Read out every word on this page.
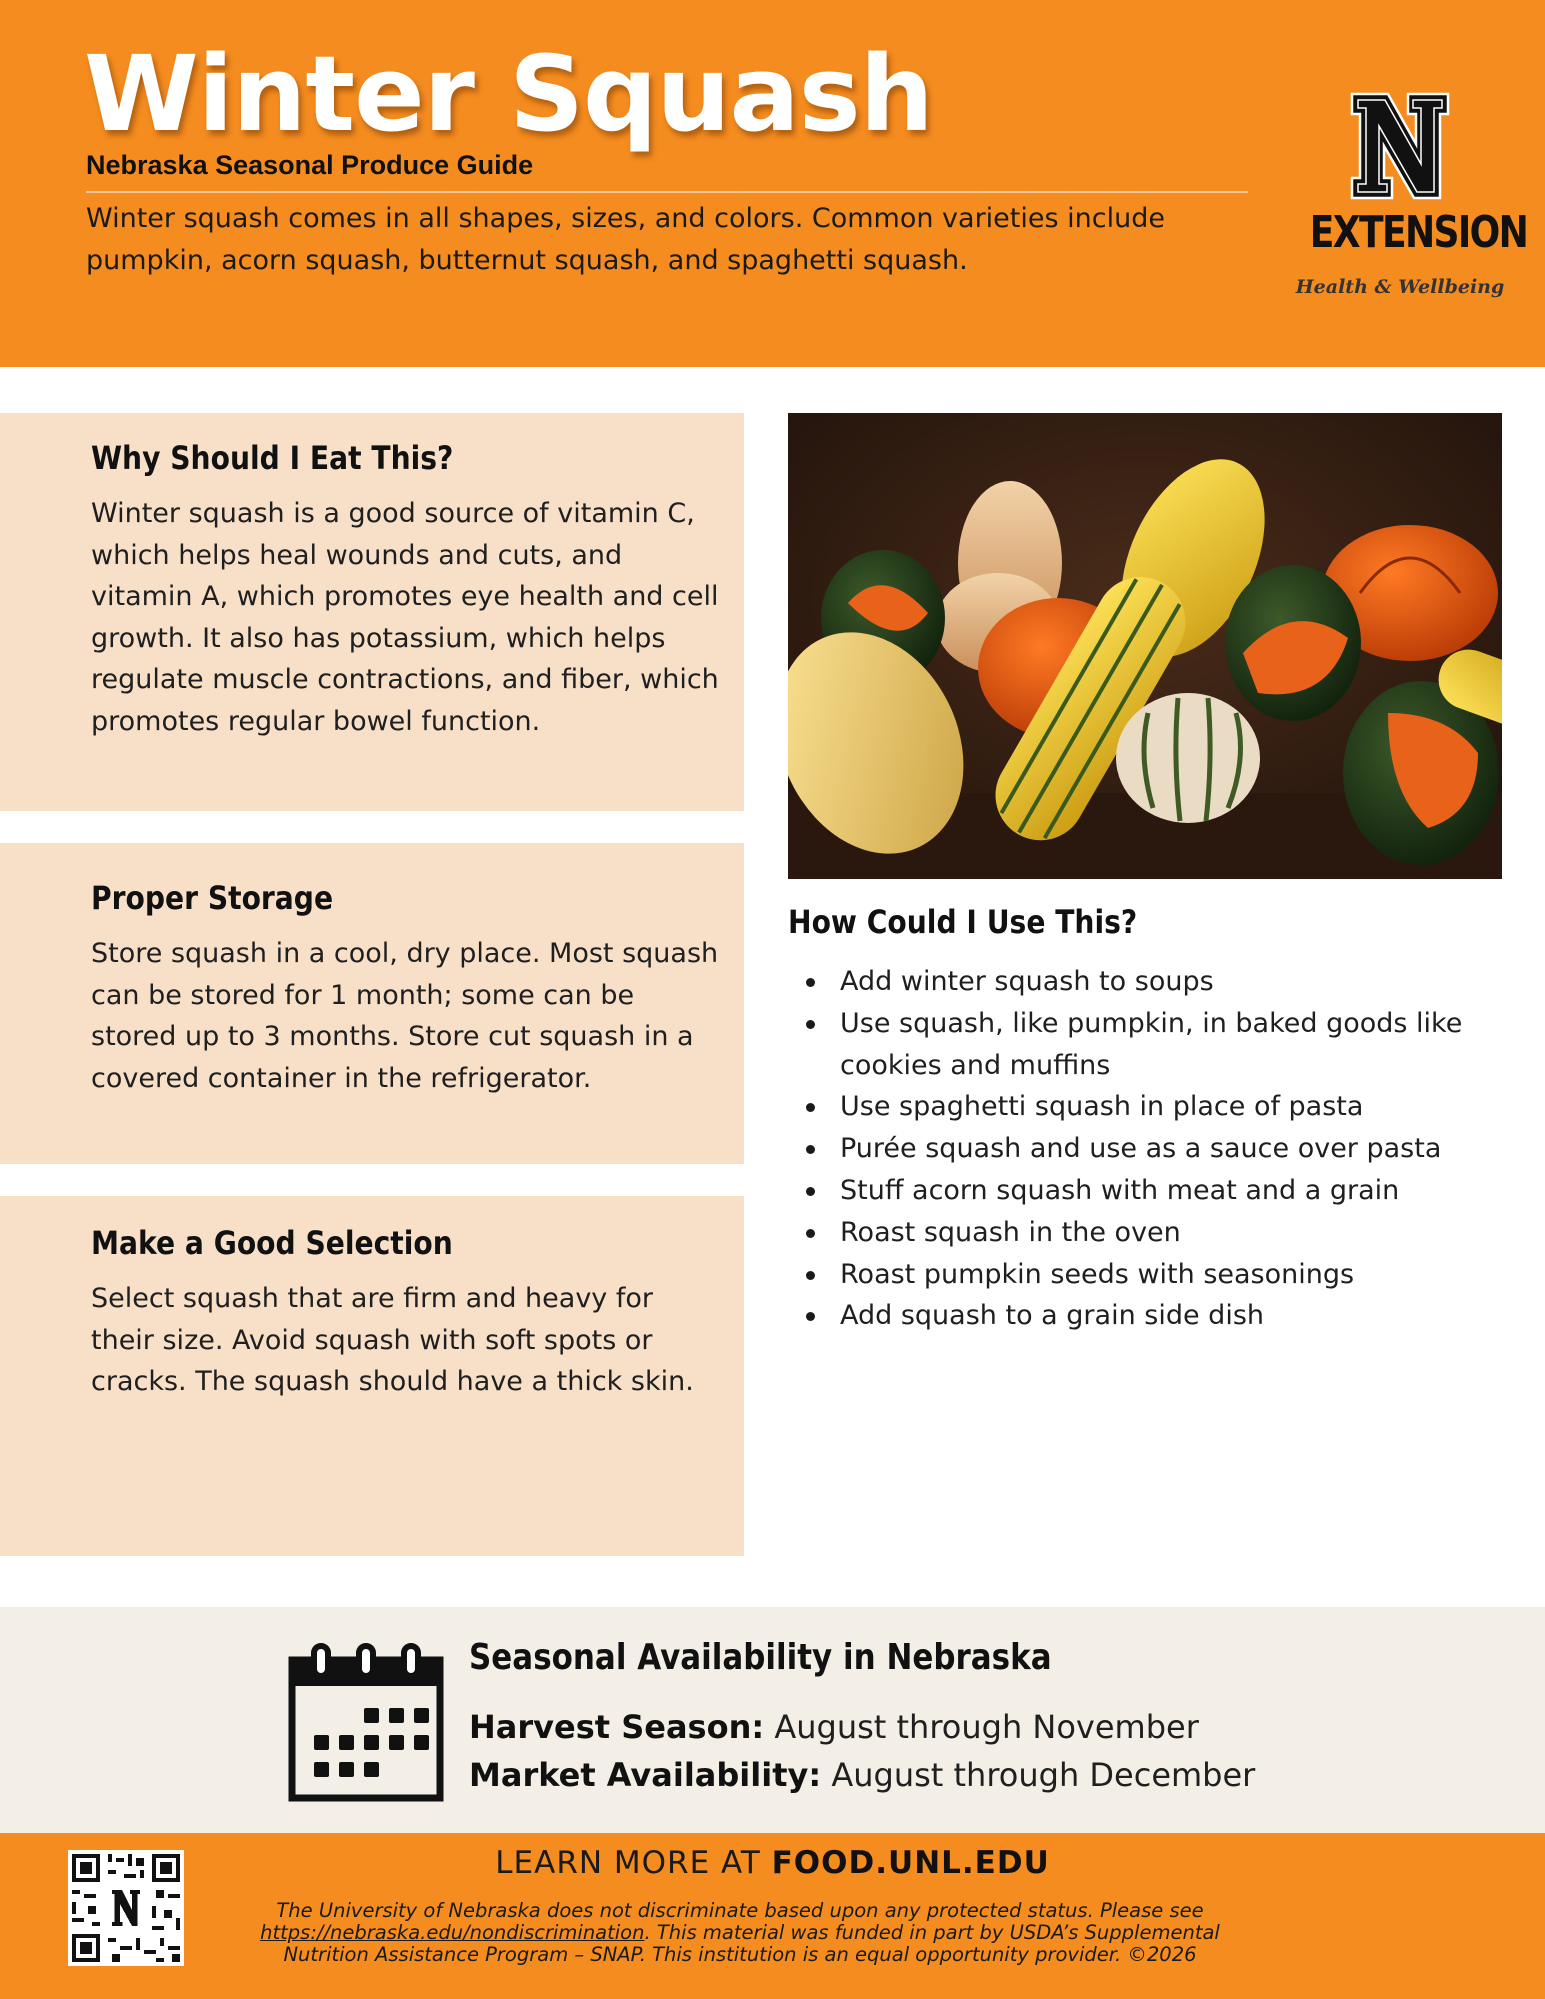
Winter Squash
Nebraska Seasonal Produce Guide

Winter squash comes in all shapes, sizes, and colors. Common varieties include pumpkin, acorn squash, butternut squash, and spaghetti squash.

EXTENSION
Health & Wellbeing
Why Should I Eat This?

Winter squash is a good source of vitamin C, which helps heal wounds and cuts, and vitamin A, which promotes eye health and cell growth. It also has potassium, which helps regulate muscle contractions, and fiber, which promotes regular bowel function.

Proper Storage

Store squash in a cool, dry place. Most squash can be stored for 1 month; some can be stored up to 3 months. Store cut squash in a covered container in the refrigerator.

Make a Good Selection

Select squash that are firm and heavy for their size. Avoid squash with soft spots or cracks. The squash should have a thick skin.

How Could I Use This?
Add winter squash to soups
Use squash, like pumpkin, in baked goods like cookies and muffins
Use spaghetti squash in place of pasta
Purée squash and use as a sauce over pasta
Stuff acorn squash with meat and a grain
Roast squash in the oven
Roast pumpkin seeds with seasonings
Add squash to a grain side dish
Seasonal Availability in Nebraska
Harvest Season: August through November
Market Availability: August through December
LEARN MORE AT FOOD.UNL.EDU

The University of Nebraska does not discriminate based upon any protected status. Please see https://nebraska.edu/nondiscrimination. This material was funded in part by USDA’s Supplemental Nutrition Assistance Program – SNAP. This institution is an equal opportunity provider. ©2026
